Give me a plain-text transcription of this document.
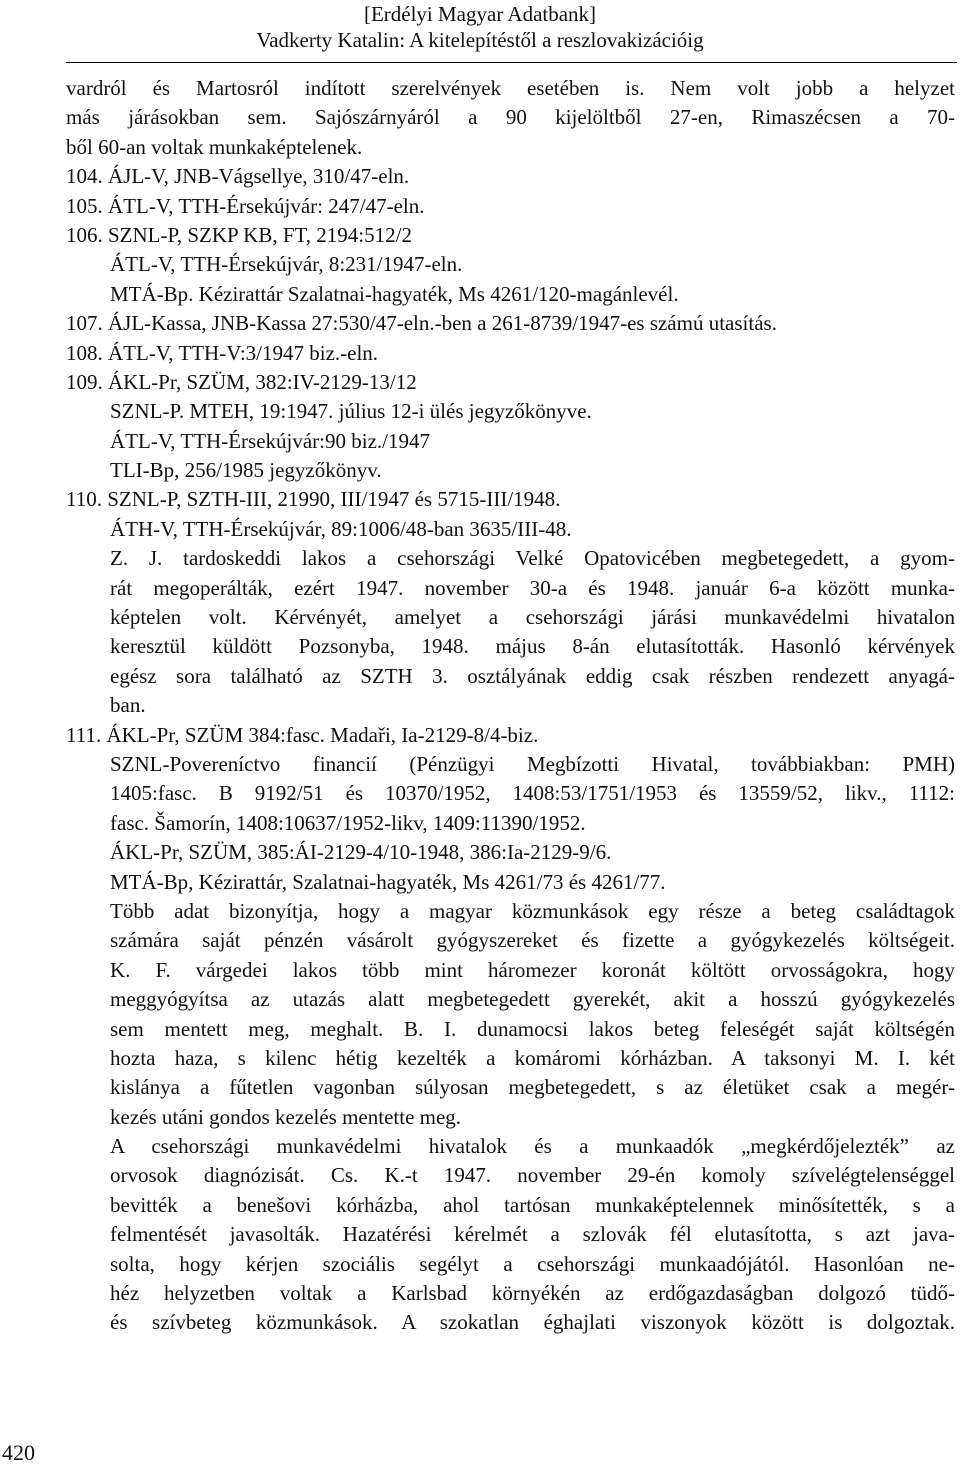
[Erdélyi Magyar Adatbank]
Vadkerty Katalin: A kitelepítéstől a reszlovakizációig
vardról és Martosról indított szerelvények esetében is. Nem volt jobb a helyzet
más járásokban sem. Sajószárnyáról a 90 kijelöltből 27-en, Rimaszécsen a 70-
ből 60-an voltak munkaképtelenek.
104. ÁJL-V, JNB-Vágsellye, 310/47-eln.
105. ÁTL-V, TTH-Érsekújvár: 247/47-eln.
106. SZNL-P, SZKP KB, FT, 2194:512/2
ÁTL-V, TTH-Érsekújvár, 8:231/1947-eln.
MTÁ-Bp. Kézirattár Szalatnai-hagyaték, Ms 4261/120-magánlevél.
107. ÁJL-Kassa, JNB-Kassa 27:530/47-eln.-ben a 261-8739/1947-es számú utasítás.
108. ÁTL-V, TTH-V:3/1947 biz.-eln.
109. ÁKL-Pr, SZÜM, 382:IV-2129-13/12
SZNL-P. MTEH, 19:1947. július 12-i ülés jegyzőkönyve.
ÁTL-V, TTH-Érsekújvár:90 biz./1947
TLI-Bp, 256/1985 jegyzőkönyv.
110. SZNL-P, SZTH-III, 21990, III/1947 és 5715-III/1948.
ÁTH-V, TTH-Érsekújvár, 89:1006/48-ban 3635/III-48.
Z. J. tardoskeddi lakos a csehországi Velké Opatovicében megbetegedett, a gyom-
rát megoperálták, ezért 1947. november 30-a és 1948. január 6-a között munka-
képtelen volt. Kérvényét, amelyet a csehországi járási munkavédelmi hivatalon
keresztül küldött Pozsonyba, 1948. május 8-án elutasították. Hasonló kérvények
egész sora található az SZTH 3. osztályának eddig csak részben rendezett anyagá-
ban.
111. ÁKL-Pr, SZÜM 384:fasc. Madaři, Ia-2129-8/4-biz.
SZNL-Povereníctvo financií (Pénzügyi Megbízotti Hivatal, továbbiakban: PMH)
1405:fasc. B 9192/51 és 10370/1952, 1408:53/1751/1953 és 13559/52, likv., 1112:
fasc. Šamorín, 1408:10637/1952-likv, 1409:11390/1952.
ÁKL-Pr, SZÜM, 385:ÁI-2129-4/10-1948, 386:Ia-2129-9/6.
MTÁ-Bp, Kézirattár, Szalatnai-hagyaték, Ms 4261/73 és 4261/77.
Több adat bizonyítja, hogy a magyar közmunkások egy része a beteg családtagok
számára saját pénzén vásárolt gyógyszereket és fizette a gyógykezelés költségeit.
K. F. várgedei lakos több mint háromezer koronát költött orvosságokra, hogy
meggyógyítsa az utazás alatt megbetegedett gyerekét, akit a hosszú gyógykezelés
sem mentett meg, meghalt. B. I. dunamocsi lakos beteg feleségét saját költségén
hozta haza, s kilenc hétig kezelték a komáromi kórházban. A taksonyi M. I. két
kislánya a fűtetlen vagonban súlyosan megbetegedett, s az életüket csak a megér-
kezés utáni gondos kezelés mentette meg.
A csehországi munkavédelmi hivatalok és a munkaadók „megkérdőjelezték” az
orvosok diagnózisát. Cs. K.-t 1947. november 29-én komoly szívelégtelenséggel
bevitték a benešovi kórházba, ahol tartósan munkaképtelennek minősítették, s a
felmentését javasolták. Hazatérési kérelmét a szlovák fél elutasította, s azt java-
solta, hogy kérjen szociális segélyt a csehországi munkaadójától. Hasonlóan ne-
héz helyzetben voltak a Karlsbad környékén az erdőgazdaságban dolgozó tüdő-
és szívbeteg közmunkások. A szokatlan éghajlati viszonyok között is dolgoztak.
420
